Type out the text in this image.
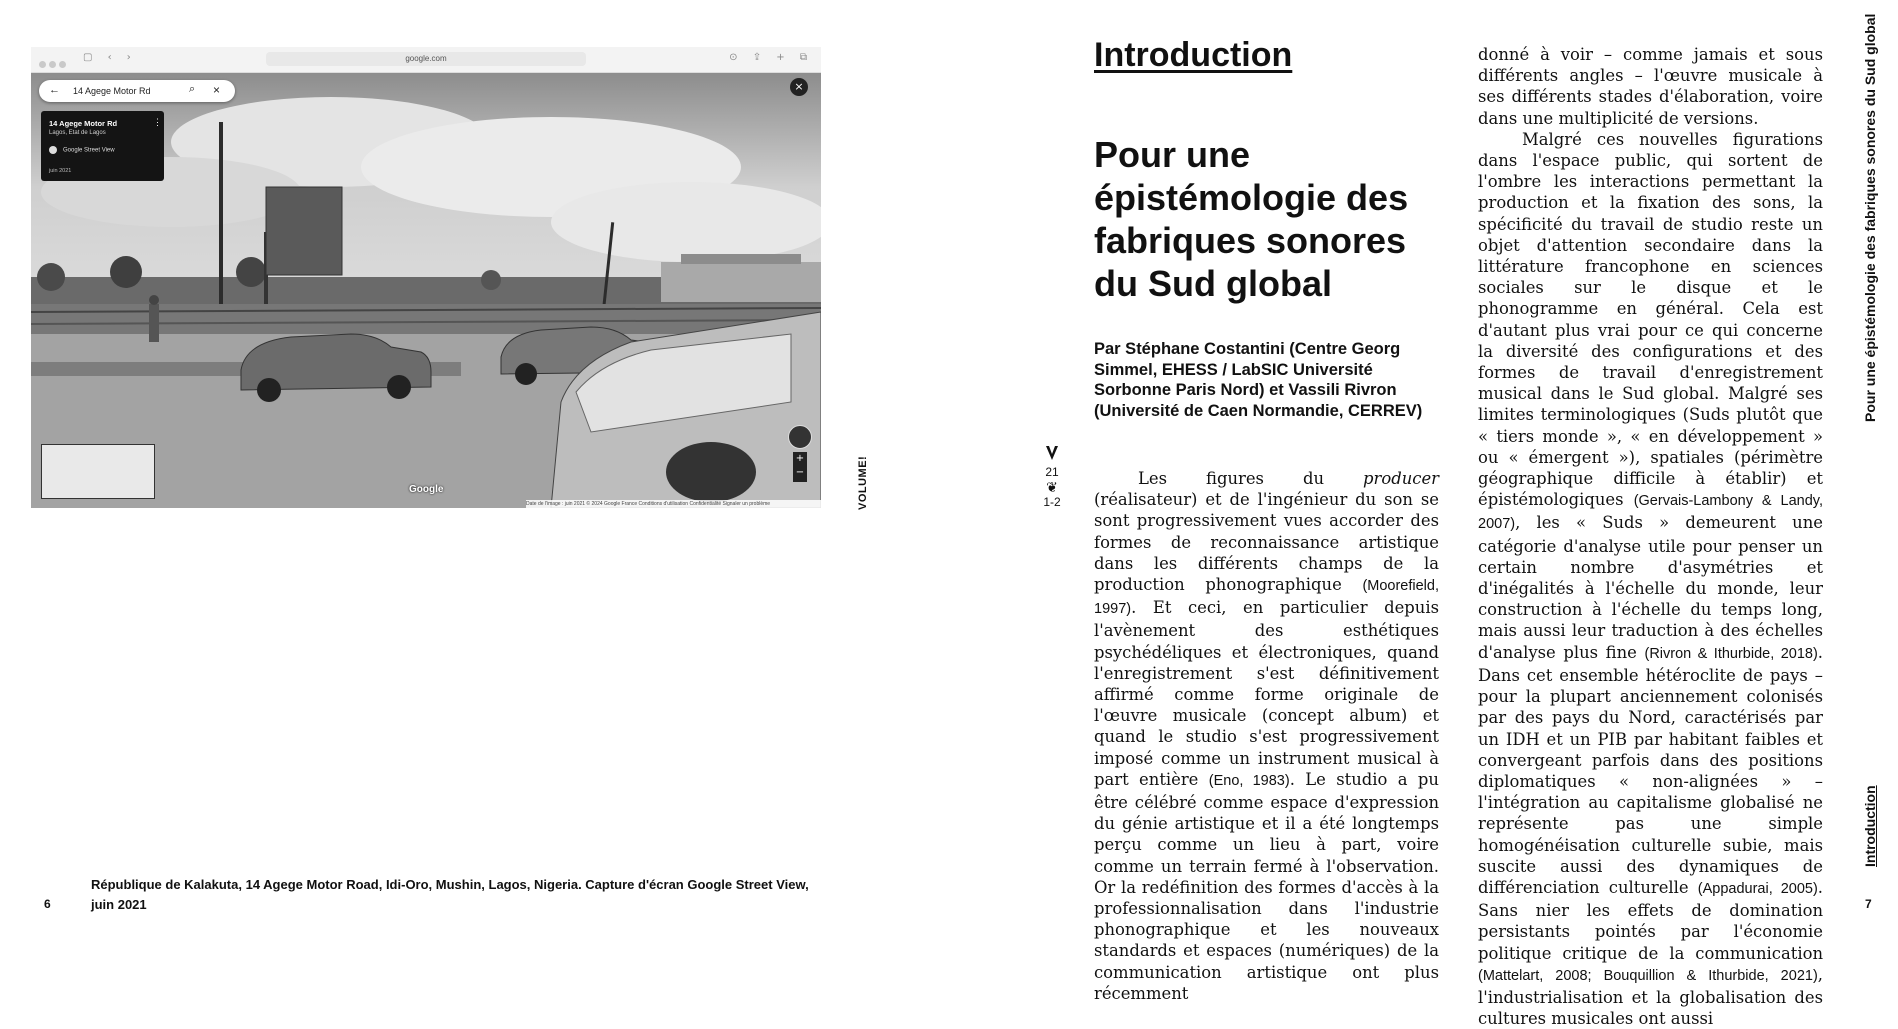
▢ ‹ ›	google.com	⊙ ⇪ + ⧉
← 14 Agege Motor Rd	⌕ ×
14 Agege Motor Rd	⋮
Lagos, Etat de Lagos
Google Street View
juin 2021
×
+
−
Google
Date de l'image : juin 2021 © 2024 Google France Conditions d'utilisation Confidentialité Signaler un problème	VOLUME!
6
République de Kalakuta, 14 Agege Motor Road, Idi-Oro, Mushin, Lagos, Nigeria. Capture d'écran Google Street View, juin 2021
21
❦
1-2
Introduction
Pour une épistémologie des fabriques sonores du Sud global
Par Stéphane Costantini (Centre Georg Simmel, EHESS / LabSIC Université Sorbonne Paris Nord) et Vassili Rivron (Université de Caen Normandie, CERREV)

Les figures du producer (réalisateur) et de l'ingénieur du son se sont progressivement vues accorder des formes de reconnaissance artistique dans les différents champs de la production phonographique (Moorefield, 1997). Et ceci, en particulier depuis l'avènement des esthétiques psychédéliques et électroniques, quand l'enregistrement s'est définitivement affirmé comme forme originale de l'œuvre musicale (concept album) et quand le studio s'est progressivement imposé comme un instrument musical à part entière (Eno, 1983). Le studio a pu être célébré comme espace d'expression du génie artistique et il a été longtemps perçu comme un lieu à part, voire comme un terrain fermé à l'observation. Or la redéfinition des formes d'accès à la professionnalisation dans l'industrie phonographique et les nouveaux standards et espaces (numériques) de la communication artistique ont plus récemment

donné à voir – comme jamais et sous différents angles – l'œuvre musicale à ses différents stades d'élaboration, voire dans une multiplicité de versions.

Malgré ces nouvelles figurations dans l'espace public, qui sortent de l'ombre les interactions permettant la production et la fixation des sons, la spécificité du travail de studio reste un objet d'attention secondaire dans la littérature francophone en sciences sociales sur le disque et le phonogramme en général. Cela est d'autant plus vrai pour ce qui concerne la diversité des configurations et des formes de travail d'enregistrement musical dans le Sud global. Malgré ses limites terminologiques (Suds plutôt que « tiers monde », « en développement » ou « émergent »), spatiales (périmètre géographique difficile à établir) et épistémologiques (Gervais-Lambony & Landy, 2007), les « Suds » demeurent une catégorie d'analyse utile pour penser un certain nombre d'asymétries et d'inégalités à l'échelle du monde, leur construction à l'échelle du temps long, mais aussi leur traduction à des échelles d'analyse plus fine (Rivron & Ithurbide, 2018). Dans cet ensemble hétéroclite de pays – pour la plupart anciennement colonisés par des pays du Nord, caractérisés par un IDH et un PIB par habitant faibles et convergeant parfois dans des positions diplomatiques « non-alignées » – l'intégration au capitalisme globalisé ne représente pas une simple homogénéisation culturelle subie, mais suscite aussi des dynamiques de différenciation culturelle (Appadurai, 2005). Sans nier les effets de domination persistants pointés par l'économie politique critique de la communication (Mattelart, 2008; Bouquillion & Ithurbide, 2021), l'industrialisation et la globalisation des cultures musicales ont aussi

Pour une épistémologie des fabriques sonores du Sud global
Introduction
7
